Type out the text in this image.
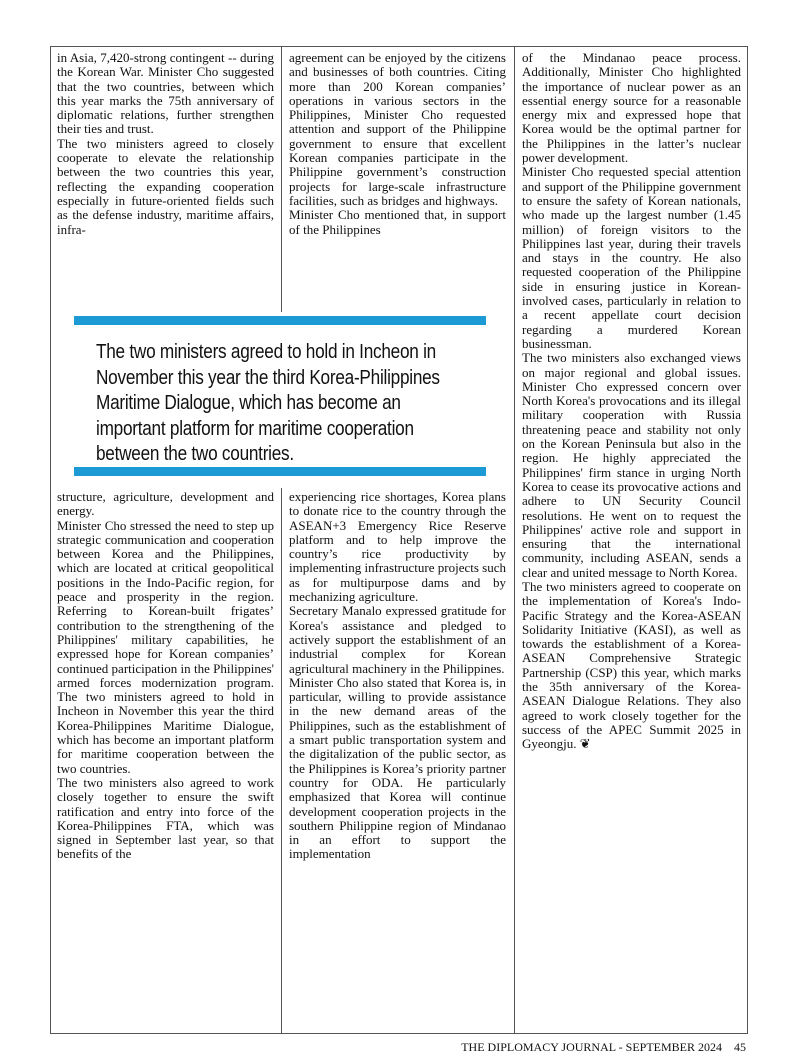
in Asia, 7,420-strong contingent -- during the Korean War. Minister Cho suggested that the two countries, between which this year marks the 75th anniversary of diplomatic relations, further strengthen their ties and trust.

The two ministers agreed to closely cooperate to elevate the relationship between the two countries this year, reflecting the expanding cooperation especially in future-oriented fields such as the defense industry, maritime affairs, infra-

agreement can be enjoyed by the citizens and businesses of both countries. Citing more than 200 Korean companies’ operations in various sectors in the Philippines, Minister Cho requested attention and support of the Philippine government to ensure that excellent Korean companies participate in the Philippine government’s construction projects for large-scale infrastructure facilities, such as bridges and highways.

Minister Cho mentioned that, in support of the Philippines

The two ministers agreed to hold in Incheon in November this year the third Korea-Philippines Maritime Dialogue, which has become an important platform for maritime cooperation between the two countries.

of the Mindanao peace process. Additionally, Minister Cho highlighted the importance of nuclear power as an essential energy source for a reasonable energy mix and expressed hope that Korea would be the optimal partner for the Philippines in the latter’s nuclear power development.

Minister Cho requested special attention and support of the Philippine government to ensure the safety of Korean nationals, who made up the largest number (1.45 million) of foreign visitors to the Philippines last year, during their travels and stays in the country. He also requested cooperation of the Philippine side in ensuring justice in Korean-involved cases, particularly in relation to a recent appellate court decision regarding a murdered Korean businessman.

The two ministers also exchanged views on major regional and global issues. Minister Cho expressed concern over North Korea's provocations and its illegal military cooperation with Russia threatening peace and stability not only on the Korean Peninsula but also in the region. He highly appreciated the Philippines' firm stance in urging North Korea to cease its provocative actions and adhere to UN Security Council resolutions. He went on to request the Philippines' active role and support in ensuring that the international community, including ASEAN, sends a clear and united message to North Korea.

The two ministers agreed to cooperate on the implementation of Korea's Indo-Pacific Strategy and the Korea-ASEAN Solidarity Initiative (KASI), as well as towards the establishment of a Korea-ASEAN Comprehensive Strategic Partnership (CSP) this year, which marks the 35th anniversary of the Korea-ASEAN Dialogue Relations. They also agreed to work closely together for the success of the APEC Summit 2025 in Gyeongju. ❦

structure, agriculture, development and energy.

Minister Cho stressed the need to step up strategic communication and cooperation between Korea and the Philippines, which are located at critical geopolitical positions in the Indo-Pacific region, for peace and prosperity in the region. Referring to Korean-built frigates’ contribution to the strengthening of the Philippines' military capabilities, he expressed hope for Korean companies’ continued participation in the Philippines' armed forces modernization program. The two ministers agreed to hold in Incheon in November this year the third Korea-Philippines Maritime Dialogue, which has become an important platform for maritime cooperation between the two countries.

The two ministers also agreed to work closely together to ensure the swift ratification and entry into force of the Korea-Philippines FTA, which was signed in September last year, so that benefits of the

experiencing rice shortages, Korea plans to donate rice to the country through the ASEAN+3 Emergency Rice Reserve platform and to help improve the country’s rice productivity by implementing infrastructure projects such as for multipurpose dams and by mechanizing agriculture.

Secretary Manalo expressed gratitude for Korea's assistance and pledged to actively support the establishment of an industrial complex for Korean agricultural machinery in the Philippines.

Minister Cho also stated that Korea is, in particular, willing to provide assistance in the new demand areas of the Philippines, such as the establishment of a smart public transportation system and the digitalization of the public sector, as the Philippines is Korea’s priority partner country for ODA. He particularly emphasized that Korea will continue development cooperation projects in the southern Philippine region of Mindanao in an effort to support the implementation

THE DIPLOMACY JOURNAL - SEPTEMBER 2024 45
